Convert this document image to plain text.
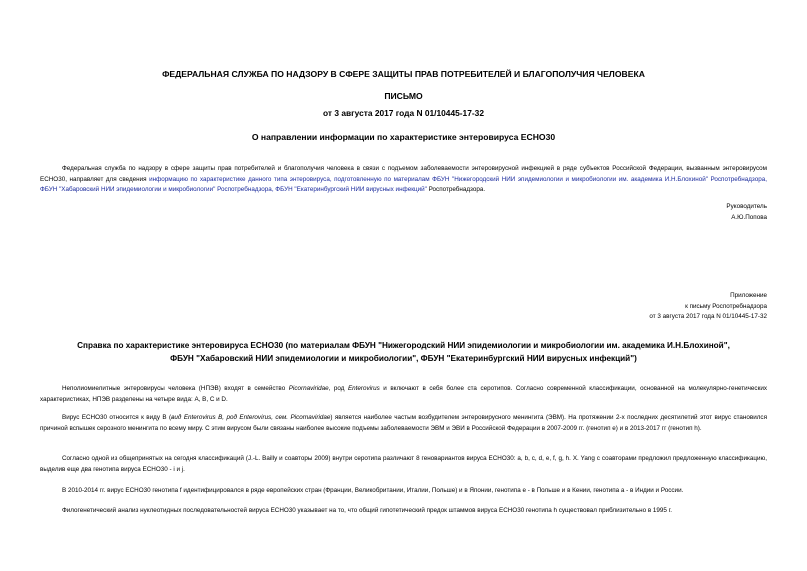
ФЕДЕРАЛЬНАЯ СЛУЖБА ПО НАДЗОРУ В СФЕРЕ ЗАЩИТЫ ПРАВ ПОТРЕБИТЕЛЕЙ И БЛАГОПОЛУЧИЯ ЧЕЛОВЕКА
ПИСЬМО
от 3 августа 2017 года N 01/10445-17-32
О направлении информации по характеристике энтеровируса ЕСНО30

Федеральная служба по надзору в сфере защиты прав потребителей и благополучия человека в связи с подъемом заболеваемости энтеровирусной инфекцией в ряде субъектов Российской Федерации, вызванным энтеровирусом ЕСНО30, направляет для сведения информацию по характеристике данного типа энтеровируса, подготовленную по материалам ФБУН "Нижегородский НИИ эпидемиологии и микробиологии им. академика И.Н.Блохиной" Роспотребнадзора, ФБУН "Хабаровский НИИ эпидемиологии и микробиологии" Роспотребнадзора, ФБУН "Екатеринбургский НИИ вирусных инфекций" Роспотребнадзора.

Руководитель
А.Ю.Попова
Приложение
к письму Роспотребнадзора
от 3 августа 2017 года N 01/10445-17-32
Справка по характеристике энтеровируса ЕСНО30 (по материалам ФБУН "Нижегородский НИИ эпидемиологии и микробиологии им. академика И.Н.Блохиной",
ФБУН "Хабаровский НИИ эпидемиологии и микробиологии", ФБУН "Екатеринбургский НИИ вирусных инфекций")

Неполиомиелитные энтеровирусы человека (НПЭВ) входят в семейство Picornaviridae, род Enterovirus и включают в себя более ста серотипов. Согласно современной классификации, основанной на молекулярно-генетических характеристиках, НПЭВ разделены на четыре вида: А, В, С и D.

Вирус ЕСНО30 относится к виду В (вид Enterovirus В, род Enterovirus, сем. Picornaviridae) является наиболее частым возбудителем энтеровирусного менингита (ЭВМ). На протяжении 2-х последних десятилетий этот вирус становился причиной вспышек серозного менингита по всему миру. С этим вирусом были связаны наиболее высокие подъемы заболеваемости ЭВМ и ЭВИ в Российской Федерации в 2007-2009 гг. (генотип е) и в 2013-2017 гг (генотип h).

Согласно одной из общепринятых на сегодня классификаций (J.-L. Bailly и соавторы 2009) внутри серотипа различают 8 геновариантов вируса ЕСНО30: a, b, c, d, e, f, g, h. X. Yang с соавторами предложил предложенную классификацию, выделив еще два генотипа вируса ЕСНО30 - i и j.

В 2010-2014 гг. вирус ЕСНО30 генотипа f идентифицировался в ряде европейских стран (Франции, Великобритании, Италии, Польше) и в Японии, генотипа е - в Польше и в Кении, генотипа а - в Индии и России.

Филогенетический анализ нуклеотидных последовательностей вируса ЕСНО30 указывает на то, что общий гипотетический предок штаммов вируса ЕСНО30 генотипа h существовал приблизительно в 1995 г.
